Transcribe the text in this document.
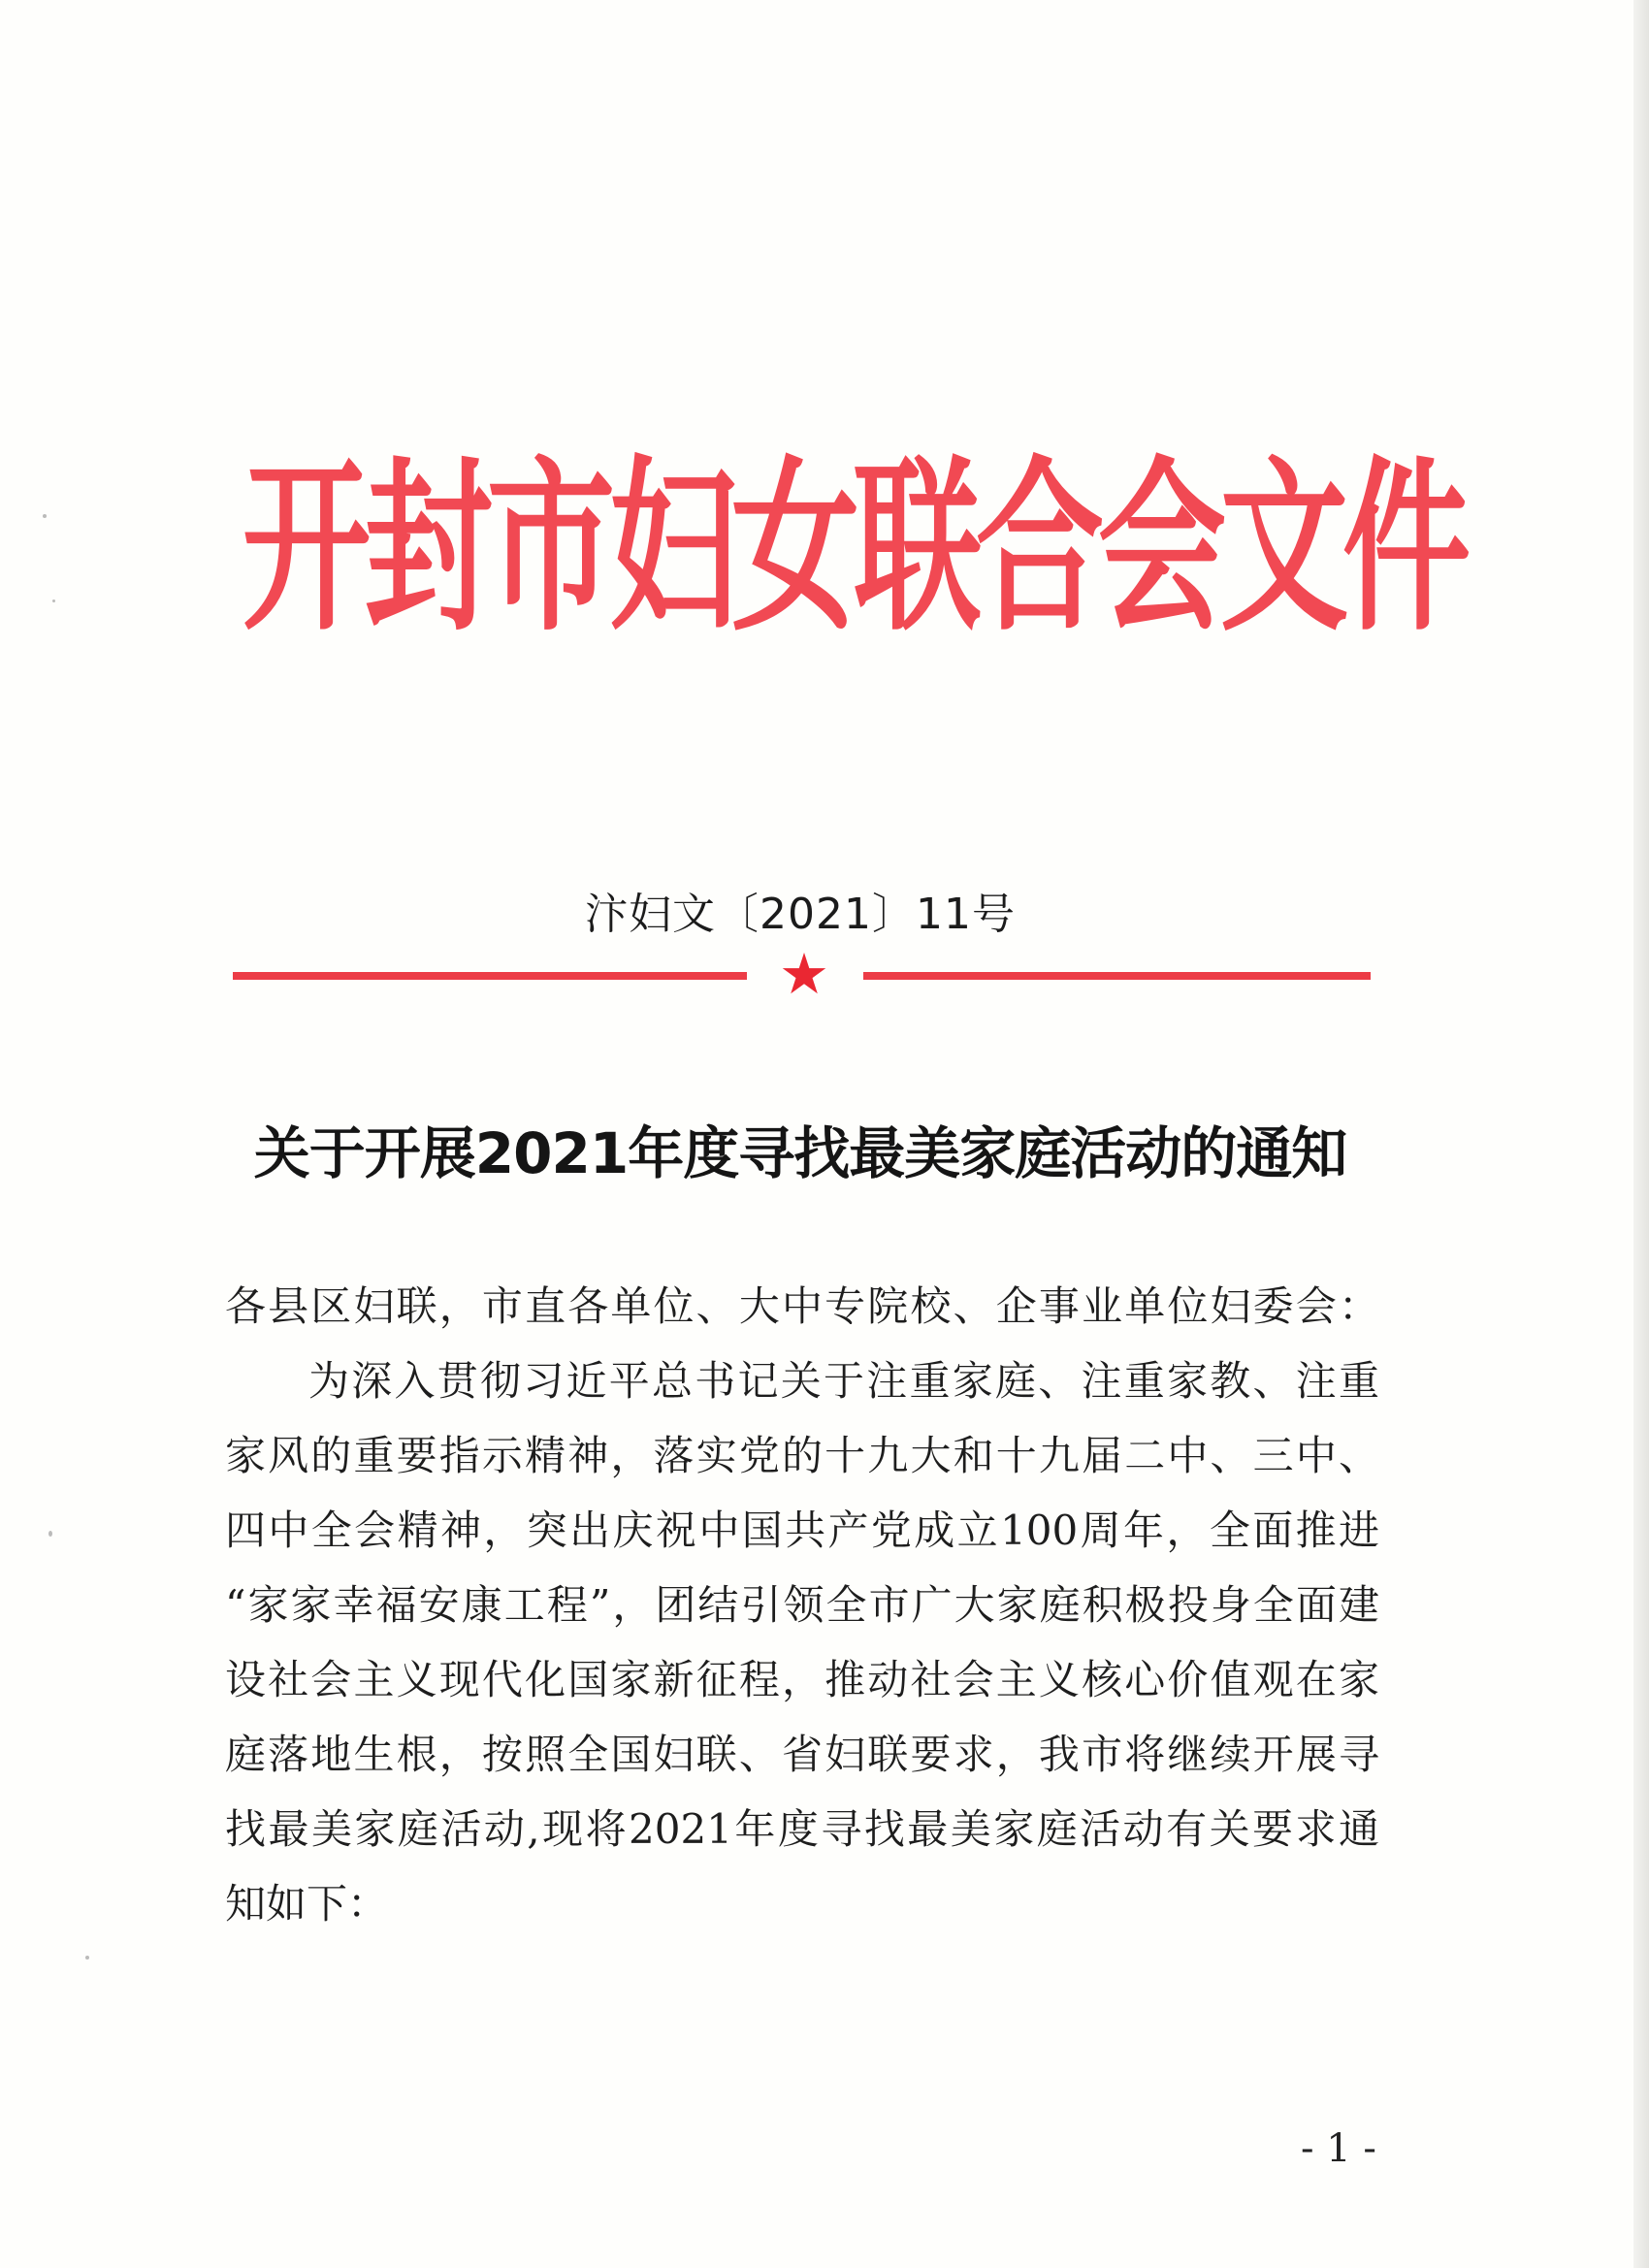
开封市妇女联合会文件
汴妇文〔2021〕11号
★
关于开展2021年度寻找最美家庭活动的通知
各县区妇联，市直各单位、大中专院校、企事业单位妇委会：
为深入贯彻习近平总书记关于注重家庭、注重家教、注重
家风的重要指示精神，落实党的十九大和十九届二中、三中、
四中全会精神，突出庆祝中国共产党成立100周年，全面推进
“家家幸福安康工程”，团结引领全市广大家庭积极投身全面建
设社会主义现代化国家新征程，推动社会主义核心价值观在家
庭落地生根，按照全国妇联、省妇联要求，我市将继续开展寻
找最美家庭活动,现将2021年度寻找最美家庭活动有关要求通
知如下：
- 1 -
